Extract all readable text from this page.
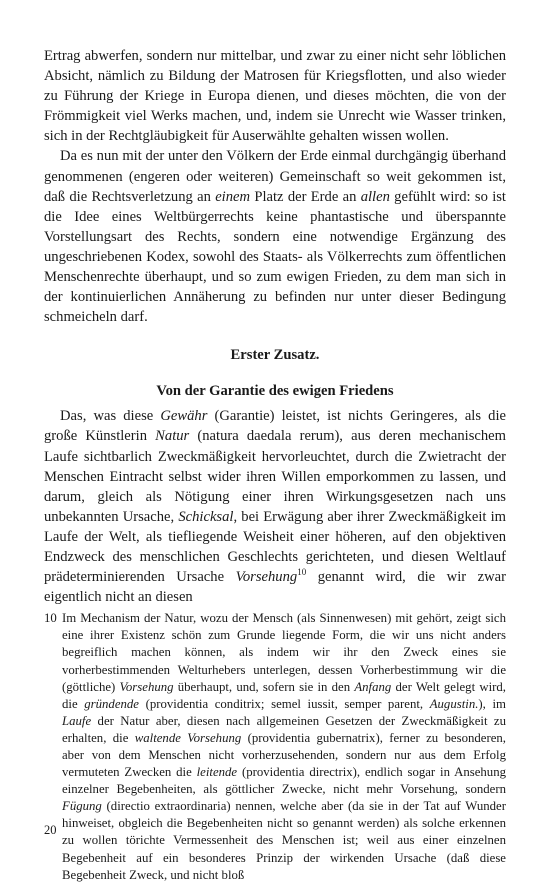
Ertrag abwerfen, sondern nur mittelbar, und zwar zu einer nicht sehr löblichen Absicht, nämlich zu Bildung der Matrosen für Kriegsflotten, und also wieder zu Führung der Kriege in Europa dienen, und dieses möchten, die von der Frömmigkeit viel Werks machen, und, indem sie Unrecht wie Wasser trinken, sich in der Rechtgläubigkeit für Auserwählte gehalten wissen wollen.

Da es nun mit der unter den Völkern der Erde einmal durchgängig überhand genommenen (engeren oder weiteren) Gemeinschaft so weit gekommen ist, daß die Rechtsverletzung an einem Platz der Erde an allen gefühlt wird: so ist die Idee eines Weltbürgerrechts keine phantastische und überspannte Vorstellungsart des Rechts, sondern eine notwendige Ergänzung des ungeschriebenen Kodex, sowohl des Staats- als Völkerrechts zum öffentlichen Menschenrechte überhaupt, und so zum ewigen Frieden, zu dem man sich in der kontinuierlichen Annäherung zu befinden nur unter dieser Bedingung schmeicheln darf.

Erster Zusatz.

Von der Garantie des ewigen Friedens

Das, was diese Gewähr (Garantie) leistet, ist nichts Geringeres, als die große Künstlerin Natur (natura daedala rerum), aus deren mechanischem Laufe sichtbarlich Zweckmäßigkeit hervorleuchtet, durch die Zwietracht der Menschen Eintracht selbst wider ihren Willen emporkommen zu lassen, und darum, gleich als Nötigung einer ihren Wirkungsgesetzen nach uns unbekannten Ursache, Schicksal, bei Erwägung aber ihrer Zweckmäßigkeit im Laufe der Welt, als tiefliegende Weisheit einer höheren, auf den objektiven Endzweck des menschlichen Geschlechts gerichteten, und diesen Weltlauf prädeterminierenden Ursache Vorsehung$^{10}$ genannt wird, die wir zwar eigentlich nicht an diesen

10 Im Mechanism der Natur, wozu der Mensch (als Sinnenwesen) mit gehört, zeigt sich eine ihrer Existenz schön zum Grunde liegende Form, die wir uns nicht anders begreiflich machen können, als indem wir ihr den Zweck eines sie vorherbestimmenden Welturhebers unterlegen, dessen Vorherbestimmung wir die (göttliche) Vorsehung überhaupt, und, sofern sie in den Anfang der Welt gelegt wird, die gründende (providentia conditrix; semel iussit, semper parent, Augustin.), im Laufe der Natur aber, diesen nach allgemeinen Gesetzen der Zweckmäßigkeit zu erhalten, die waltende Vorsehung (providentia gubernatrix), ferner zu besonderen, aber von dem Menschen nicht vorherzusehenden, sondern nur aus dem Erfolg vermuteten Zwecken die leitende (providentia directrix), endlich sogar in Ansehung einzelner Begebenheiten, als göttlicher Zwecke, nicht mehr Vorsehung, sondern Fügung (directio extraordinaria) nennen, welche aber (da sie in der Tat auf Wunder hinweiset, obgleich die Begebenheiten nicht so genannt werden) als solche erkennen zu wollen törichte Vermessenheit des Menschen ist; weil aus einer einzelnen Begebenheit auf ein besonderes Prinzip der wirkenden Ursache (daß diese Begebenheit Zweck, und nicht bloß
20
